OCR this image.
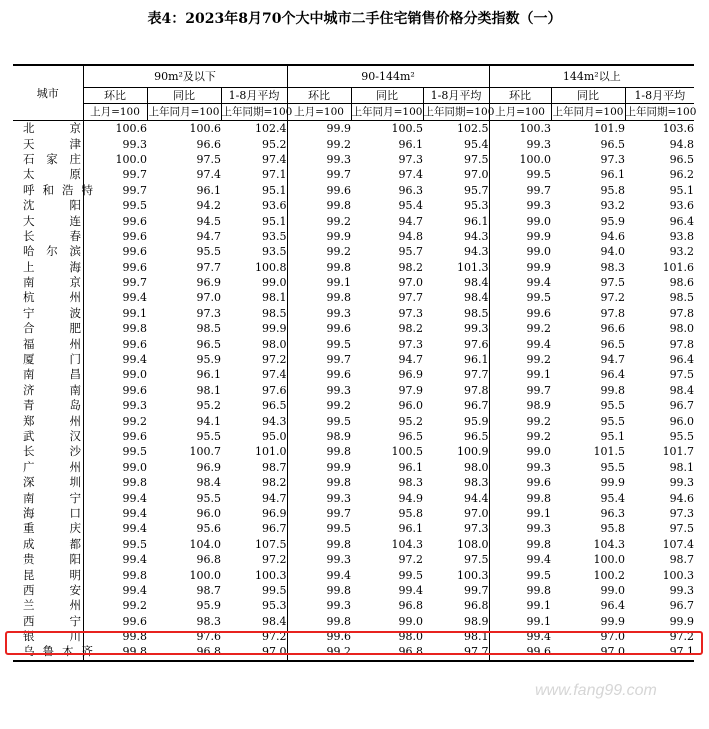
表4：2023年8月70个大中城市二手住宅销售价格分类指数（一）
城市	90m²及以下			90-144m²			144m²以上		
	环比	同比	1-8月平均	环比	同比	1-8月平均	环比	同比	1-8月平均
	上月=100	上年同月=100	上年同期=100	上月=100	上年同月=100	上年同期=100	上月=100	上年同月=100	上年同期=100
北京	100.6	100.6	102.4	99.9	100.5	102.5	100.3	101.9	103.6
天津	99.3	96.6	95.2	99.2	96.1	95.4	99.3	96.5	94.8
石家庄	100.0	97.5	97.4	99.3	97.3	97.5	100.0	97.3	96.5
太原	99.7	97.4	97.1	99.7	97.4	97.0	99.5	96.1	96.2
呼和浩特	99.7	96.1	95.1	99.6	96.3	95.7	99.7	95.8	95.1
沈阳	99.5	94.2	93.6	99.8	95.4	95.3	99.3	93.2	93.6
大连	99.6	94.5	95.1	99.2	94.7	96.1	99.0	95.9	96.4
长春	99.6	94.7	93.5	99.9	94.8	94.3	99.9	94.6	93.8
哈尔滨	99.6	95.5	93.5	99.2	95.7	94.3	99.0	94.0	93.2
上海	99.6	97.7	100.8	99.8	98.2	101.3	99.9	98.3	101.6
南京	99.7	96.9	99.0	99.1	97.0	98.4	99.4	97.5	98.6
杭州	99.4	97.0	98.1	99.8	97.7	98.4	99.5	97.2	98.5
宁波	99.1	97.3	98.5	99.3	97.3	98.5	99.6	97.8	97.8
合肥	99.8	98.5	99.9	99.6	98.2	99.3	99.2	96.6	98.0
福州	99.6	96.5	98.0	99.5	97.3	97.6	99.4	96.5	97.8
厦门	99.4	95.9	97.2	99.7	94.7	96.1	99.2	94.7	96.4
南昌	99.0	96.1	97.4	99.6	96.9	97.7	99.1	96.4	97.5
济南	99.6	98.1	97.6	99.3	97.9	97.8	99.7	99.8	98.4
青岛	99.3	95.2	96.5	99.2	96.0	96.7	98.9	95.5	96.7
郑州	99.2	94.1	94.3	99.5	95.2	95.9	99.2	95.5	96.0
武汉	99.6	95.5	95.0	98.9	96.5	96.5	99.2	95.1	95.5
长沙	99.5	100.7	101.0	99.8	100.5	100.9	99.0	101.5	101.7
广州	99.0	96.9	98.7	99.9	96.1	98.0	99.3	95.5	98.1
深圳	99.8	98.4	98.2	99.8	98.3	98.3	99.6	99.9	99.3
南宁	99.4	95.5	94.7	99.3	94.9	94.4	99.8	95.4	94.6
海口	99.4	96.0	96.9	99.7	95.8	97.0	99.1	96.3	97.3
重庆	99.4	95.6	96.7	99.5	96.1	97.3	99.3	95.8	97.5
成都	99.5	104.0	107.5	99.8	104.3	108.0	99.8	104.3	107.4
贵阳	99.4	96.8	97.2	99.3	97.2	97.5	99.4	100.0	98.7
昆明	99.8	100.0	100.3	99.4	99.5	100.3	99.5	100.2	100.3
西安	99.4	98.7	99.5	99.8	99.4	99.7	99.8	99.0	99.3
兰州	99.2	95.9	95.3	99.3	96.8	96.8	99.1	96.4	96.7
西宁	99.6	98.3	98.4	99.8	99.0	98.9	99.1	99.9	99.9
银川	99.8	97.6	97.2	99.6	98.0	98.1	99.4	97.0	97.2
乌鲁木齐	99.8	96.8	97.0	99.2	96.8	97.7	99.6	97.0	97.1
www.fang99.com
